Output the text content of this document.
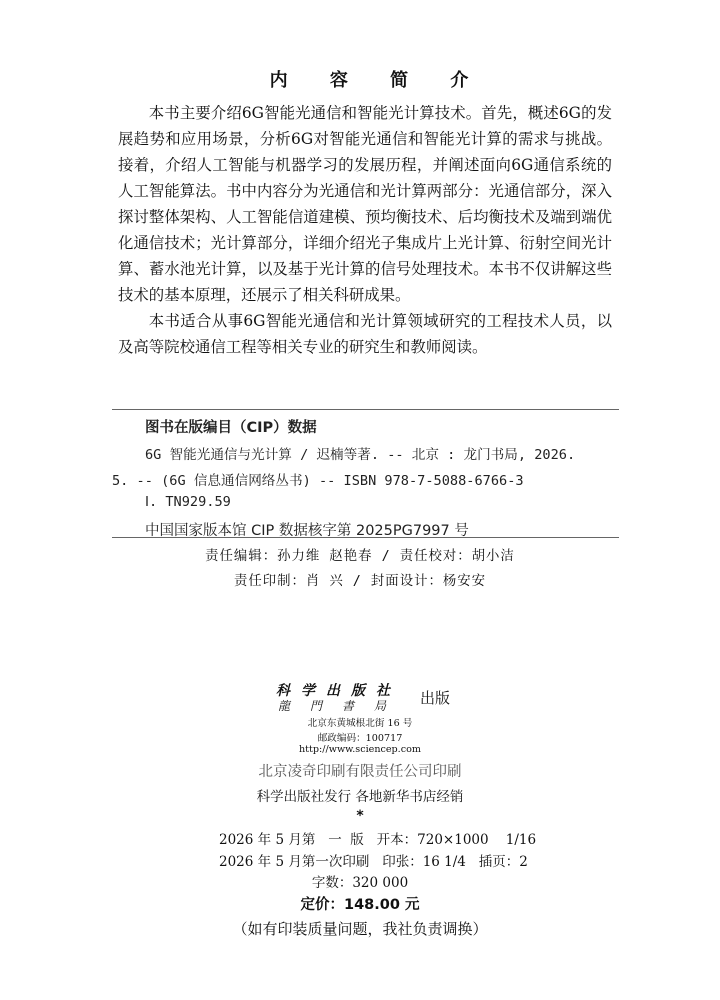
内 容 简 介

本书主要介绍6G智能光通信和智能光计算技术。首先，概述6G的发展趋势和应用场景，分析6G对智能光通信和智能光计算的需求与挑战。接着，介绍人工智能与机器学习的发展历程，并阐述面向6G通信系统的人工智能算法。书中内容分为光通信和光计算两部分：光通信部分，深入探讨整体架构、人工智能信道建模、预均衡技术、后均衡技术及端到端优化通信技术；光计算部分，详细介绍光子集成片上光计算、衍射空间光计算、蓄水池光计算，以及基于光计算的信号处理技术。本书不仅讲解这些技术的基本原理，还展示了相关科研成果。

本书适合从事6G智能光通信和光计算领域研究的工程技术人员，以及高等院校通信工程等相关专业的研究生和教师阅读。

图书在版编目（CIP）数据
6G 智能光通信与光计算 / 迟楠等著. -- 北京 : 龙门书局, 2026.
5. -- (6G 信息通信网络丛书) -- ISBN 978-7-5088-6766-3
Ⅰ. TN929.59
中国国家版本馆 CIP 数据核字第 2025PG7997 号
责任编辑：孙力维 赵艳春 / 责任校对：胡小洁
责任印制：肖 兴 / 封面设计：杨安安
科学出版社
龍門書局 出版
北京东黄城根北街 16 号
邮政编码：100717
http://www.sciencep.com
北京凌奇印刷有限责任公司印刷
科学出版社发行 各地新华书店经销
*
2026 年 5 月第   一  版   开本：720×1000    1/16
2026 年 5 月第一次印刷   印张：16 1/4   插页：2
字数：320 000
定价：148.00 元
（如有印装质量问题，我社负责调换）
